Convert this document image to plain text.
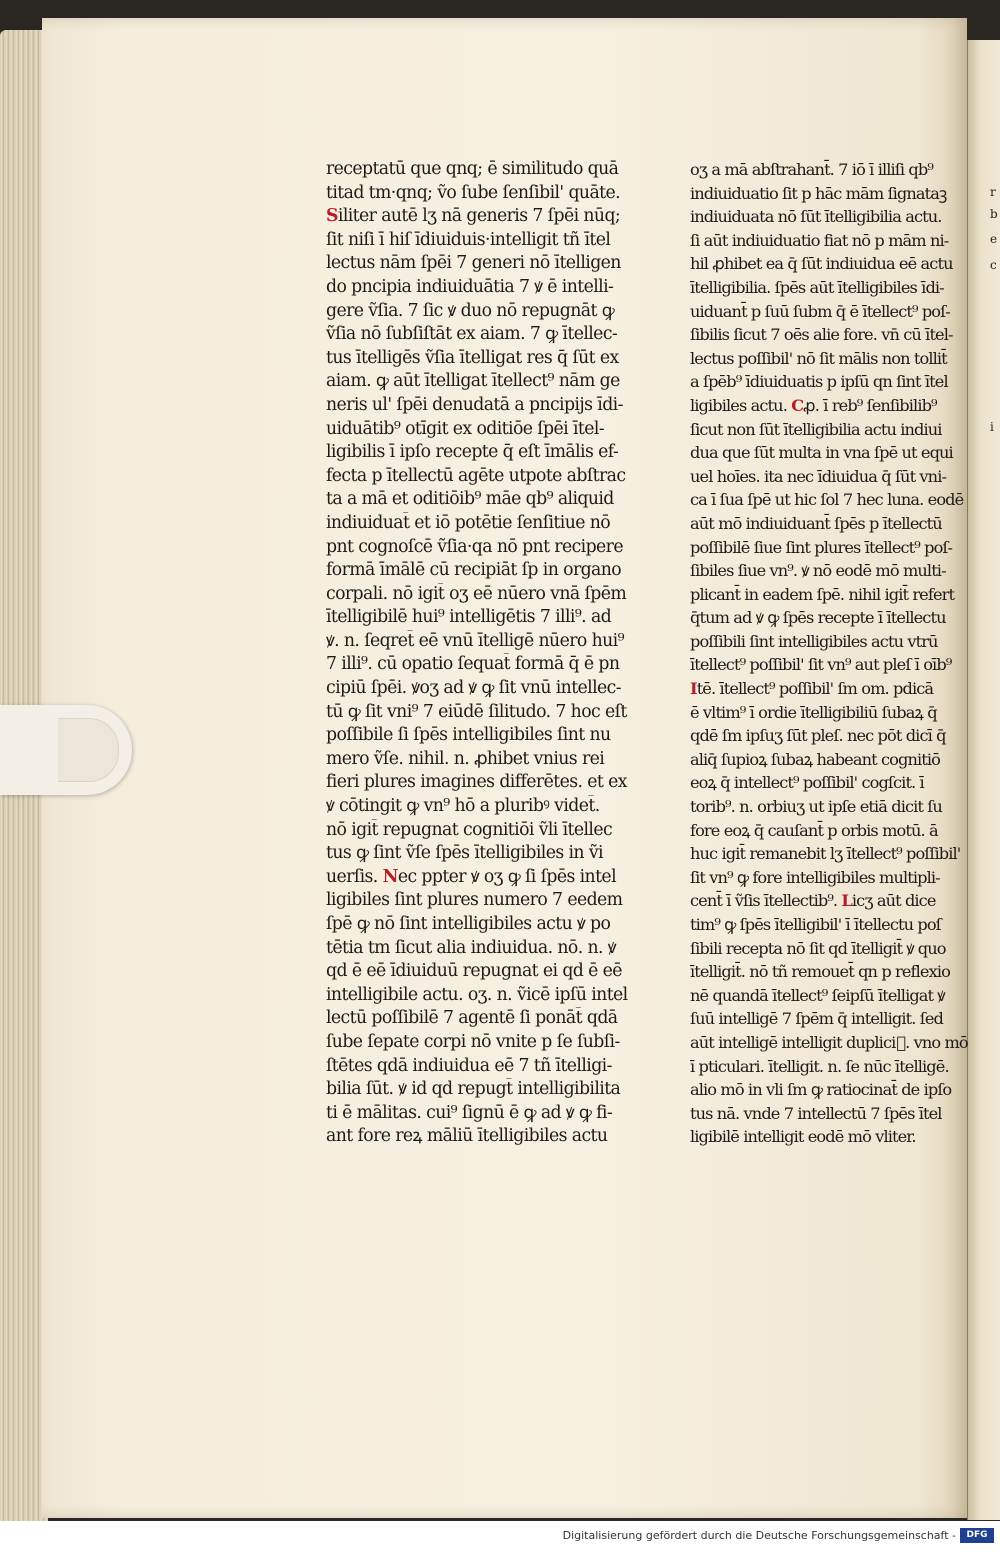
r
b
e
c
i
receptatū que qnq; ē similitudo quā
titad tm·qnq; ṽo ſube ſenſibil' quāte.
Siliter autē lʒ nā generis 7 ſpēi nūq;
ſit niſi ī hiſ īdiuiduis·intelligit tñ ītel
lectus nām ſpēi 7 generi nō ītelligen
do pncipia indiuiduātia 7 ꝟ ē intelli-
gere ṽſia. 7 ſic ꝟ duo nō repugnāt ꝙ
ṽſia nō ſubſiſtāt ex aiam. 7 ꝙ ītellec-
tus ītelligēs ṽſia ītelligat res q̄ ſūt ex
aiam. ꝙ aūt ītelligat ītellect⁹ nām ge
neris ul' ſpēi denudatā a pncipijs īdi-
uiduātib⁹ otīgit ex oditiōe ſpēi ītel-
ligibilis ī ipſo recepte q̄ eſt īmālis ef-
fecta p ītellectū agēte utpote abſtrac
ta a mā et oditiōib⁹ māe qb⁹ aliquid
indiuiduat̄ et iō potētie ſenſitiue nō
pnt cognoſcē ṽſia·qa nō pnt recipere
formā īmālē cū recipiāt ſp in organo
corpali. nō igit̄ oʒ eē nūero vnā ſpēm
ītelligibilē hui⁹ intelligētis 7 illi⁹. ad
ꝟ. n. ſeqret̄ eē vnū ītelligē nūero hui⁹
7 illi⁹. cū opatio ſequat̄ formā q̄ ē pn
cipiū ſpēi. ꝟoʒ ad ꝟ ꝙ ſit vnū intellec-
tū ꝙ ſit vni⁹ 7 eiūdē ſilitudo. 7 hoc eſt
poſſibile ſi ſpēs intelligibiles ſint nu
mero ṽſe. nihil. n. ꝓhibet vnius rei
fieri plures imagines differētes. et ex
ꝟ cōtingit ꝙ vn⁹ hō a pluribꝰ videt̄.
nō igit̄ repugnat cognitiōi ṽli ītellec
tus ꝙ ſint ṽſe ſpēs ītelligibiles in ṽi
uerſis. Nec ppter ꝟ oʒ ꝙ ſi ſpēs intel
ligibiles ſint plures numero 7 eedem
ſpē ꝙ nō ſint intelligibiles actu ꝟ po
tētia tm ſicut alia indiuidua. nō. n. ꝟ
qd ē eē īdiuiduū repugnat ei qd ē eē
intelligibile actu. oʒ. n. ṽicē ipſū intel
lectū poſſibilē 7 agentē ſi ponāt̄ qdā
ſube ſepate corpi nō vnite p ſe ſubſi-
ſtētes qdā indiuidua eē 7 tñ ītelligi-
bilia ſūt. ꝟ id qd repugt̄ intelligibilita
ti ē mālitas. cui⁹ ſignū ē ꝙ ad ꝟ ꝙ fi-
ant fore reꝝ māliū ītelligibiles actu
oʒ a mā abſtrahant̄. 7 iō ī illiſi qb⁹
indiuiduatio ſit p hāc mām ſignataꝫ
indiuiduata nō ſūt ītelligibilia actu.
ſi aūt indiuiduatio fiat nō p mām ni-
hil ꝓhibet ea q̄ ſūt indiuidua eē actu
ītelligibilia. ſpēs aūt ītelligibiles īdi-
uiduant̄ p ſuū ſubm q̄ ē ītellect⁹ poſ-
ſibilis ſicut 7 oēs alie fore. vn̄ cū ītel-
lectus poſſibil' nō ſit mālis non tollit̄
a ſpēb⁹ īdiuiduatis p ipſū qn ſint ītel
ligibiles actu. Cꝓ. ī reb⁹ ſenſibilib⁹
ſicut non ſūt ītelligibilia actu indiui
dua que ſūt multa in vna ſpē ut equi
uel hoīes. ita nec īdiuidua q̄ ſūt vni-
ca ī ſua ſpē ut hic ſol 7 hec luna. eodē
aūt mō indiuiduant̄ ſpēs p ītellectū
poſſibilē ſiue ſint plures ītellect⁹ poſ-
ſibiles ſiue vn⁹. ꝟ nō eodē mō multi-
plicant̄ in eadem ſpē. nihil igit̄ refert
q̄tum ad ꝟ ꝙ ſpēs recepte ī ītellectu
poſſibili ſint intelligibiles actu vtrū
ītellect⁹ poſſibil' ſit vn⁹ aut pleſ ī oīb⁹
Itē. ītellect⁹ poſſibil' ſm om. pdicā
ē vltim⁹ ī ordie ītelligibiliū ſubaꝝ q̄
qdē ſm ipſuʒ ſūt pleſ. nec pōt dicī q̄
aliq̄ ſupioꝝ ſubaꝝ habeant cognitiō
eoꝝ q̄ intellect⁹ poſſibil' cogſcit. ī
torib⁹. n. orbiuʒ ut ipſe etiā dicit ſu
fore eoꝝ q̄ cauſant̄ p orbis motū. ā
huc igit̄ remanebit lʒ ītellect⁹ poſſibil'
ſit vn⁹ ꝙ fore intelligibiles multipli-
cent̄ ī ṽſis ītellectib⁹. Licʒ aūt dice
tim⁹ ꝙ ſpēs ītelligibil' ī ītellectu poſ
ſibili recepta nō ſit qd ītelligit̄ ꝟ quo
ītelligit̄. nō tñ remouet̄ qn p reflexio
nē quandā ītellect⁹ ſeipſū ītelligat ꝟ
ſuū intelligē 7 ſpēm q̄ intelligit. ſed
aūt intelligē intelligit dupliciᷤ. vno mō
ī pticulari. ītelligit. n. ſe nūc ītelligē.
alio mō in vli ſm ꝙ ratiocinat̄ de ipſo
tus nā. vnde 7 intellectū 7 ſpēs ītel
ligibilē intelligit eodē mō vliter.
Digitalisierung gefördert durch die Deutsche Forschungsgemeinschaft -	DFG
